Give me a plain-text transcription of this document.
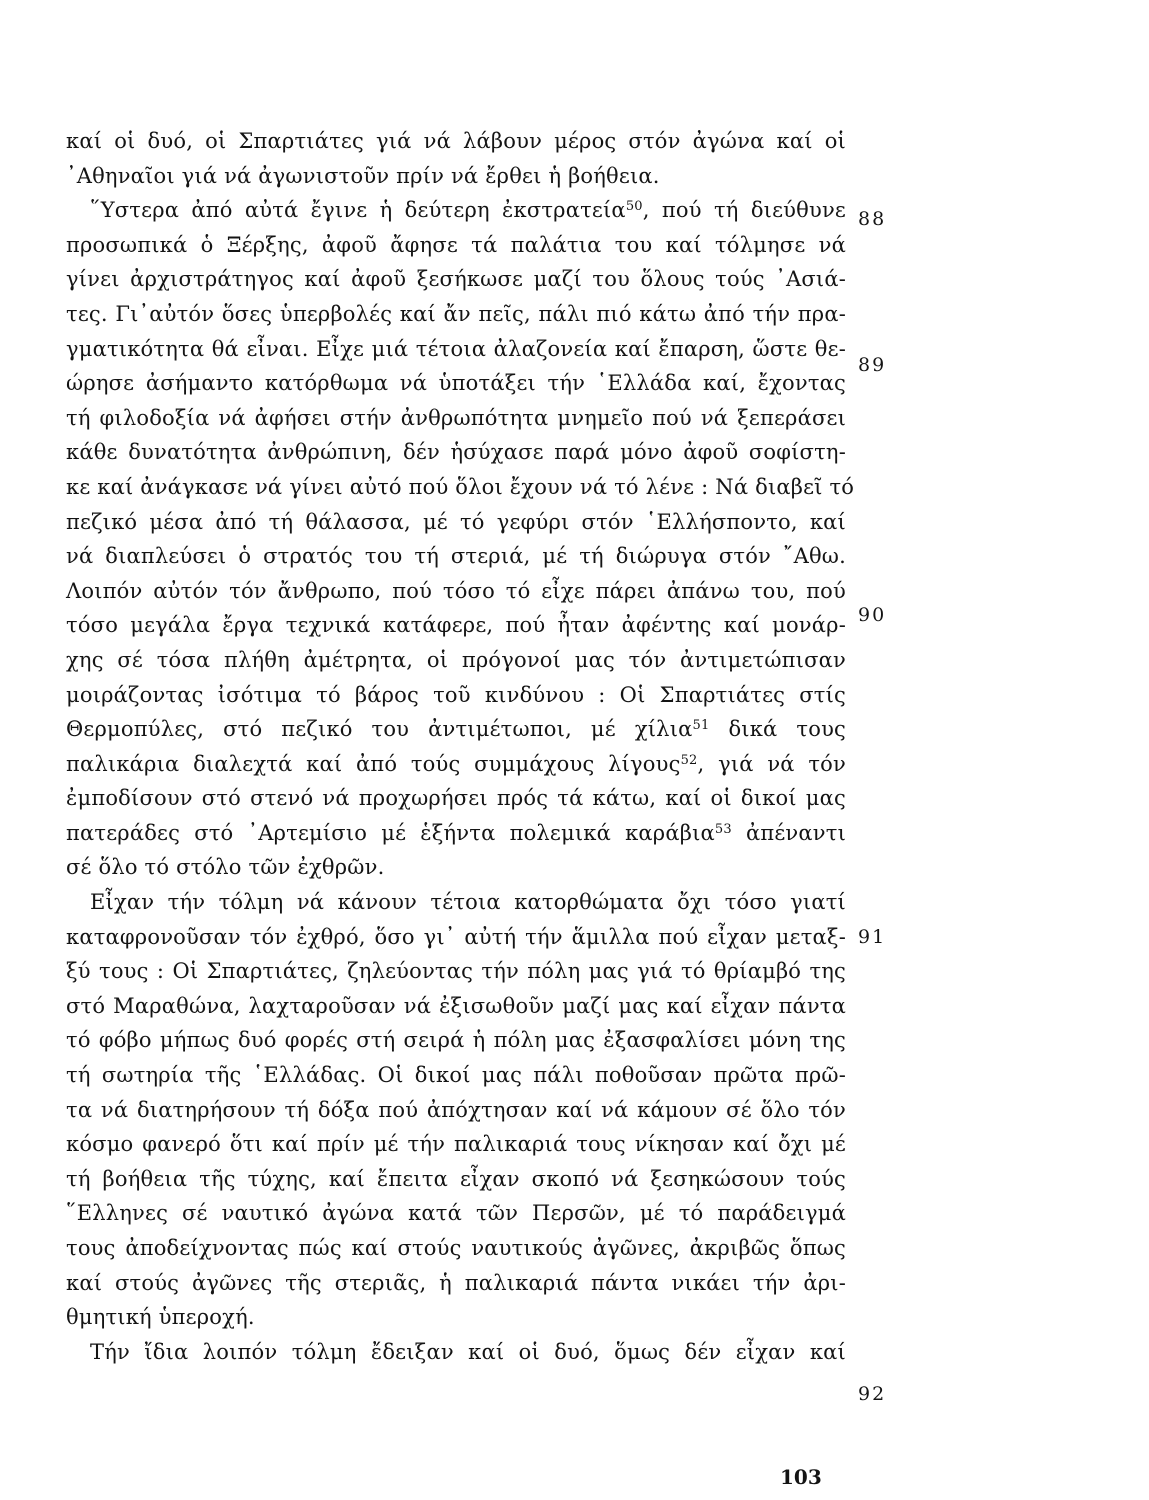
καί οἱ δυό, οἱ Σπαρτιάτες γιά νά λάβουν μέρος στόν ἀγώνα καί οἱ
᾿Αθηναῖοι γιά νά ἀγωνιστοῦν πρίν νά ἔρθει ἡ βοήθεια.
῞Υστερα ἀπό αὐτά ἔγινε ἡ δεύτερη ἐκστρατεία$^{50}$, πού τή διεύθυνε
προσωπικά ὁ Ξέρξης, ἀφοῦ ἄφησε τά παλάτια του καί τόλμησε νά
γίνει ἀρχιστράτηγος καί ἀφοῦ ξεσήκωσε μαζί του ὅλους τούς ᾿Ασιά-
τες. Γι᾿αὐτόν ὅσες ὑπερβολές καί ἄν πεῖς, πάλι πιό κάτω ἀπό τήν πρα-
γματικότητα θά εἶναι. Εἶχε μιά τέτοια ἀλαζονεία καί ἔπαρση, ὥστε θε-
ώρησε ἀσήμαντο κατόρθωμα νά ὑποτάξει τήν ῾Ελλάδα καί, ἔχοντας
τή φιλοδοξία νά ἀφήσει στήν ἀνθρωπότητα μνημεῖο πού νά ξεπεράσει
κάθε δυνατότητα ἀνθρώπινη, δέν ἡσύχασε παρά μόνο ἀφοῦ σοφίστη-
κε καί ἀνάγκασε νά γίνει αὐτό πού ὅλοι ἔχουν νά τό λένε : Νά διαβεῖ τό
πεζικό μέσα ἀπό τή θάλασσα, μέ τό γεφύρι στόν ῾Ελλήσποντο, καί
νά διαπλεύσει ὁ στρατός του τή στεριά, μέ τή διώρυγα στόν ῎Αθω.
Λοιπόν αὐτόν τόν ἄνθρωπο, πού τόσο τό εἶχε πάρει ἀπάνω του, πού
τόσο μεγάλα ἔργα τεχνικά κατάφερε, πού ἦταν ἀφέντης καί μονάρ-
χης σέ τόσα πλήθη ἀμέτρητα, οἱ πρόγονοί μας τόν ἀντιμετώπισαν
μοιράζοντας ἰσότιμα τό βάρος τοῦ κινδύνου : Οἱ Σπαρτιάτες στίς
Θερμοπύλες, στό πεζικό του ἀντιμέτωποι, μέ χίλια$^{51}$ δικά τους
παλικάρια διαλεχτά καί ἀπό τούς συμμάχους λίγους$^{52}$, γιά νά τόν
ἐμποδίσουν στό στενό νά προχωρήσει πρός τά κάτω, καί οἱ δικοί μας
πατεράδες στό ᾿Αρτεμίσιο μέ ἑξήντα πολεμικά καράβια$^{53}$ ἀπέναντι
σέ ὅλο τό στόλο τῶν ἐχθρῶν.
Εἶχαν τήν τόλμη νά κάνουν τέτοια κατορθώματα ὄχι τόσο γιατί
καταφρονοῦσαν τόν ἐχθρό, ὅσο γι᾿ αὐτή τήν ἅμιλλα πού εἶχαν μεταξ-
ξύ τους : Οἱ Σπαρτιάτες, ζηλεύοντας τήν πόλη μας γιά τό θρίαμβό της
στό Μαραθώνα, λαχταροῦσαν νά ἐξισωθοῦν μαζί μας καί εἶχαν πάντα
τό φόβο μήπως δυό φορές στή σειρά ἡ πόλη μας ἐξασφαλίσει μόνη της
τή σωτηρία τῆς ῾Ελλάδας. Οἱ δικοί μας πάλι ποθοῦσαν πρῶτα πρῶ-
τα νά διατηρήσουν τή δόξα πού ἀπόχτησαν καί νά κάμουν σέ ὅλο τόν
κόσμο φανερό ὅτι καί πρίν μέ τήν παλικαριά τους νίκησαν καί ὄχι μέ
τή βοήθεια τῆς τύχης, καί ἔπειτα εἶχαν σκοπό νά ξεσηκώσουν τούς
῞Ελληνες σέ ναυτικό ἀγώνα κατά τῶν Περσῶν, μέ τό παράδειγμά
τους ἀποδείχνοντας πώς καί στούς ναυτικούς ἀγῶνες, ἀκριβῶς ὅπως
καί στούς ἀγῶνες τῆς στεριᾶς, ἡ παλικαριά πάντα νικάει τήν ἀρι-
θμητική ὑπεροχή.
Τήν ἴδια λοιπόν τόλμη ἔδειξαν καί οἱ δυό, ὅμως δέν εἶχαν καί
88
89
90
91
92
103
